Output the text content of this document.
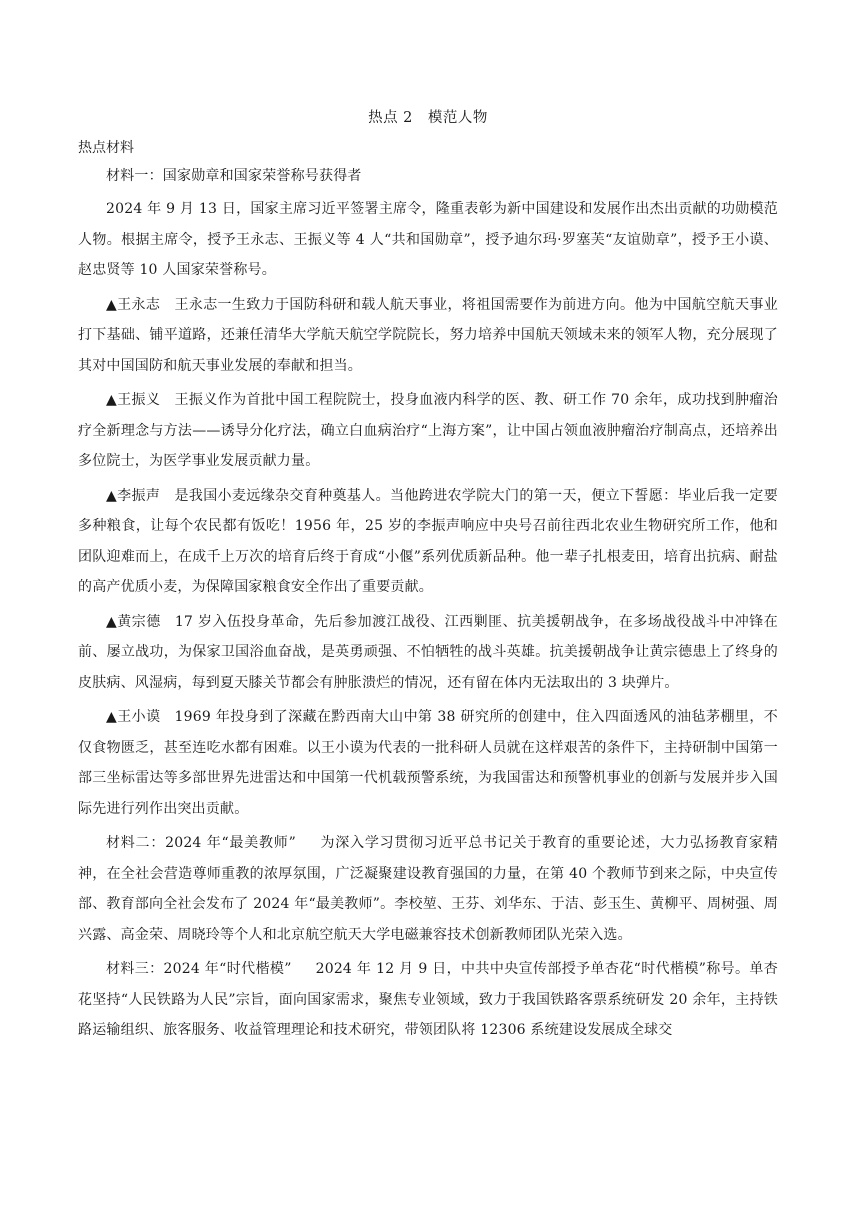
热点 2　模范人物
热点材料

材料一：国家勋章和国家荣誉称号获得者

2024 年 9 月 13 日，国家主席习近平签署主席令，隆重表彰为新中国建设和发展作出杰出贡献的功勋模范人物。根据主席令，授予王永志、王振义等 4 人“共和国勋章”，授予迪尔玛·罗塞芙“友谊勋章”，授予王小谟、赵忠贤等 10 人国家荣誉称号。

▲王永志 王永志一生致力于国防科研和载人航天事业，将祖国需要作为前进方向。他为中国航空航天事业打下基础、铺平道路，还兼任清华大学航天航空学院院长，努力培养中国航天领域未来的领军人物，充分展现了其对中国国防和航天事业发展的奉献和担当。

▲王振义 王振义作为首批中国工程院院士，投身血液内科学的医、教、研工作 70 余年，成功找到肿瘤治疗全新理念与方法——诱导分化疗法，确立白血病治疗“上海方案”，让中国占领血液肿瘤治疗制高点，还培养出多位院士，为医学事业发展贡献力量。

▲李振声 是我国小麦远缘杂交育种奠基人。当他跨进农学院大门的第一天，便立下誓愿：毕业后我一定要多种粮食，让每个农民都有饭吃！1956 年，25 岁的李振声响应中央号召前往西北农业生物研究所工作，他和团队迎难而上，在成千上万次的培育后终于育成“小偃”系列优质新品种。他一辈子扎根麦田，培育出抗病、耐盐的高产优质小麦，为保障国家粮食安全作出了重要贡献。

▲黄宗德 17 岁入伍投身革命，先后参加渡江战役、江西剿匪、抗美援朝战争，在多场战役战斗中冲锋在前、屡立战功，为保家卫国浴血奋战，是英勇顽强、不怕牺牲的战斗英雄。抗美援朝战争让黄宗德患上了终身的皮肤病、风湿病，每到夏天膝关节都会有肿胀溃烂的情况，还有留在体内无法取出的 3 块弹片。

▲王小谟 1969 年投身到了深藏在黔西南大山中第 38 研究所的创建中，住入四面透风的油毡茅棚里，不仅食物匮乏，甚至连吃水都有困难。以王小谟为代表的一批科研人员就在这样艰苦的条件下，主持研制中国第一部三坐标雷达等多部世界先进雷达和中国第一代机载预警系统，为我国雷达和预警机事业的创新与发展并步入国际先进行列作出突出贡献。

材料二：2024 年“最美教师” 为深入学习贯彻习近平总书记关于教育的重要论述，大力弘扬教育家精神，在全社会营造尊师重教的浓厚氛围，广泛凝聚建设教育强国的力量，在第 40 个教师节到来之际，中央宣传部、教育部向全社会发布了 2024 年“最美教师”。李校堃、王芬、刘华东、于洁、彭玉生、黄柳平、周树强、周兴露、高金荣、周晓玲等个人和北京航空航天大学电磁兼容技术创新教师团队光荣入选。

材料三：2024 年“时代楷模” 2024 年 12 月 9 日，中共中央宣传部授予单杏花“时代楷模”称号。单杏花坚持“人民铁路为人民”宗旨，面向国家需求，聚焦专业领域，致力于我国铁路客票系统研发 20 余年，主持铁路运输组织、旅客服务、收益管理理论和技术研究，带领团队将 12306 系统建设发展成全球交
